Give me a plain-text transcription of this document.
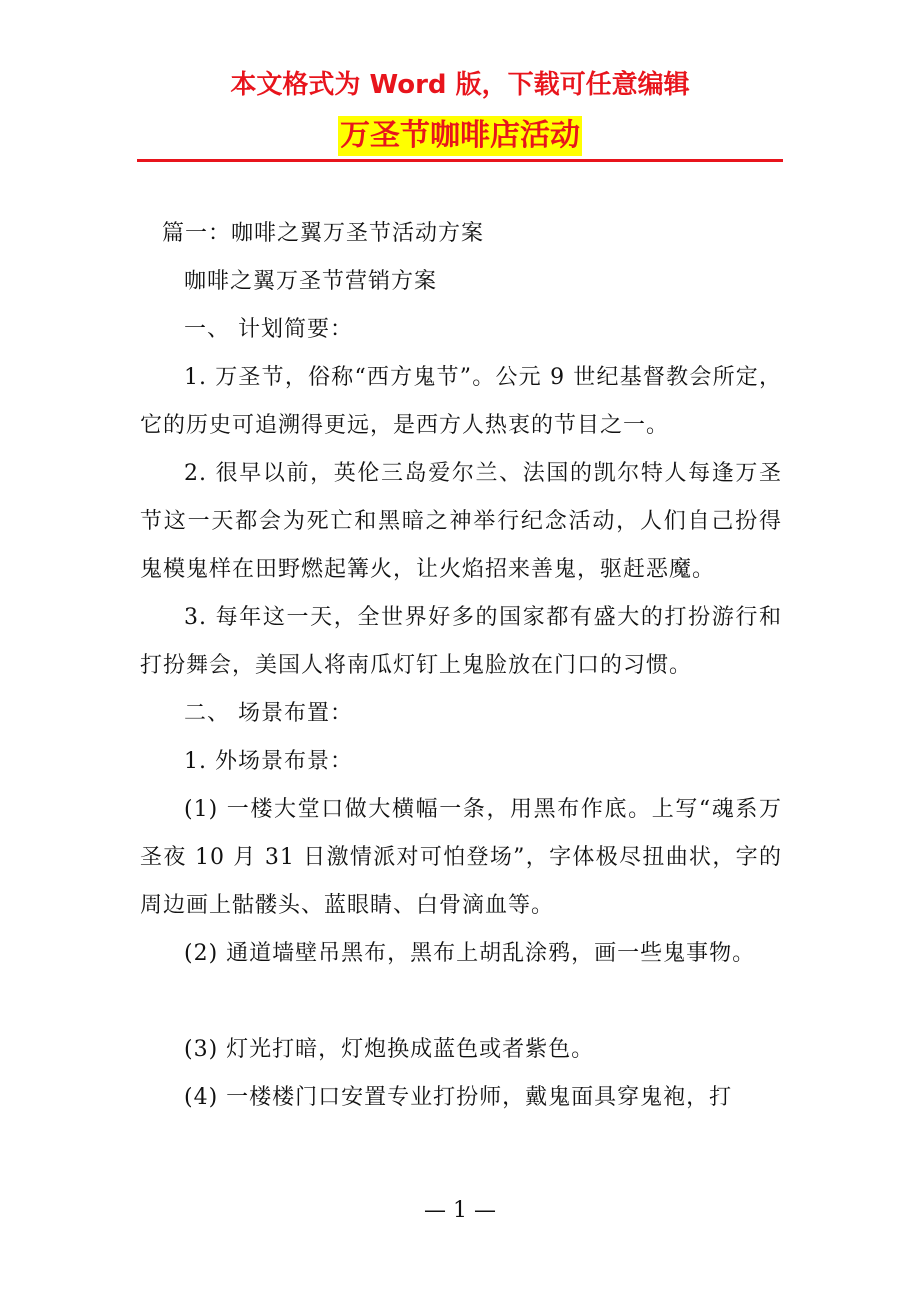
本文格式为 Word 版，下载可任意编辑
万圣节咖啡店活动

篇一：咖啡之翼万圣节活动方案

咖啡之翼万圣节营销方案

一、 计划简要：

1. 万圣节，俗称“西方鬼节”。公元 9 世纪基督教会所定，它的历史可追溯得更远，是西方人热衷的节目之一。

2. 很早以前，英伦三岛爱尔兰、法国的凯尔特人每逢万圣节这一天都会为死亡和黑暗之神举行纪念活动，人们自己扮得鬼模鬼样在田野燃起篝火，让火焰招来善鬼，驱赶恶魔。

3. 每年这一天，全世界好多的国家都有盛大的打扮游行和打扮舞会，美国人将南瓜灯钉上鬼脸放在门口的习惯。

二、 场景布置：

1. 外场景布景：

(1) 一楼大堂口做大横幅一条，用黑布作底。上写“魂系万圣夜 10 月 31 日激情派对可怕登场”，字体极尽扭曲状，字的周边画上骷髅头、蓝眼睛、白骨滴血等。

(2) 通道墙壁吊黑布，黑布上胡乱涂鸦，画一些鬼事物。

(3) 灯光打暗，灯炮换成蓝色或者紫色。

(4) 一楼楼门口安置专业打扮师，戴鬼面具穿鬼袍，打

— 1 —
